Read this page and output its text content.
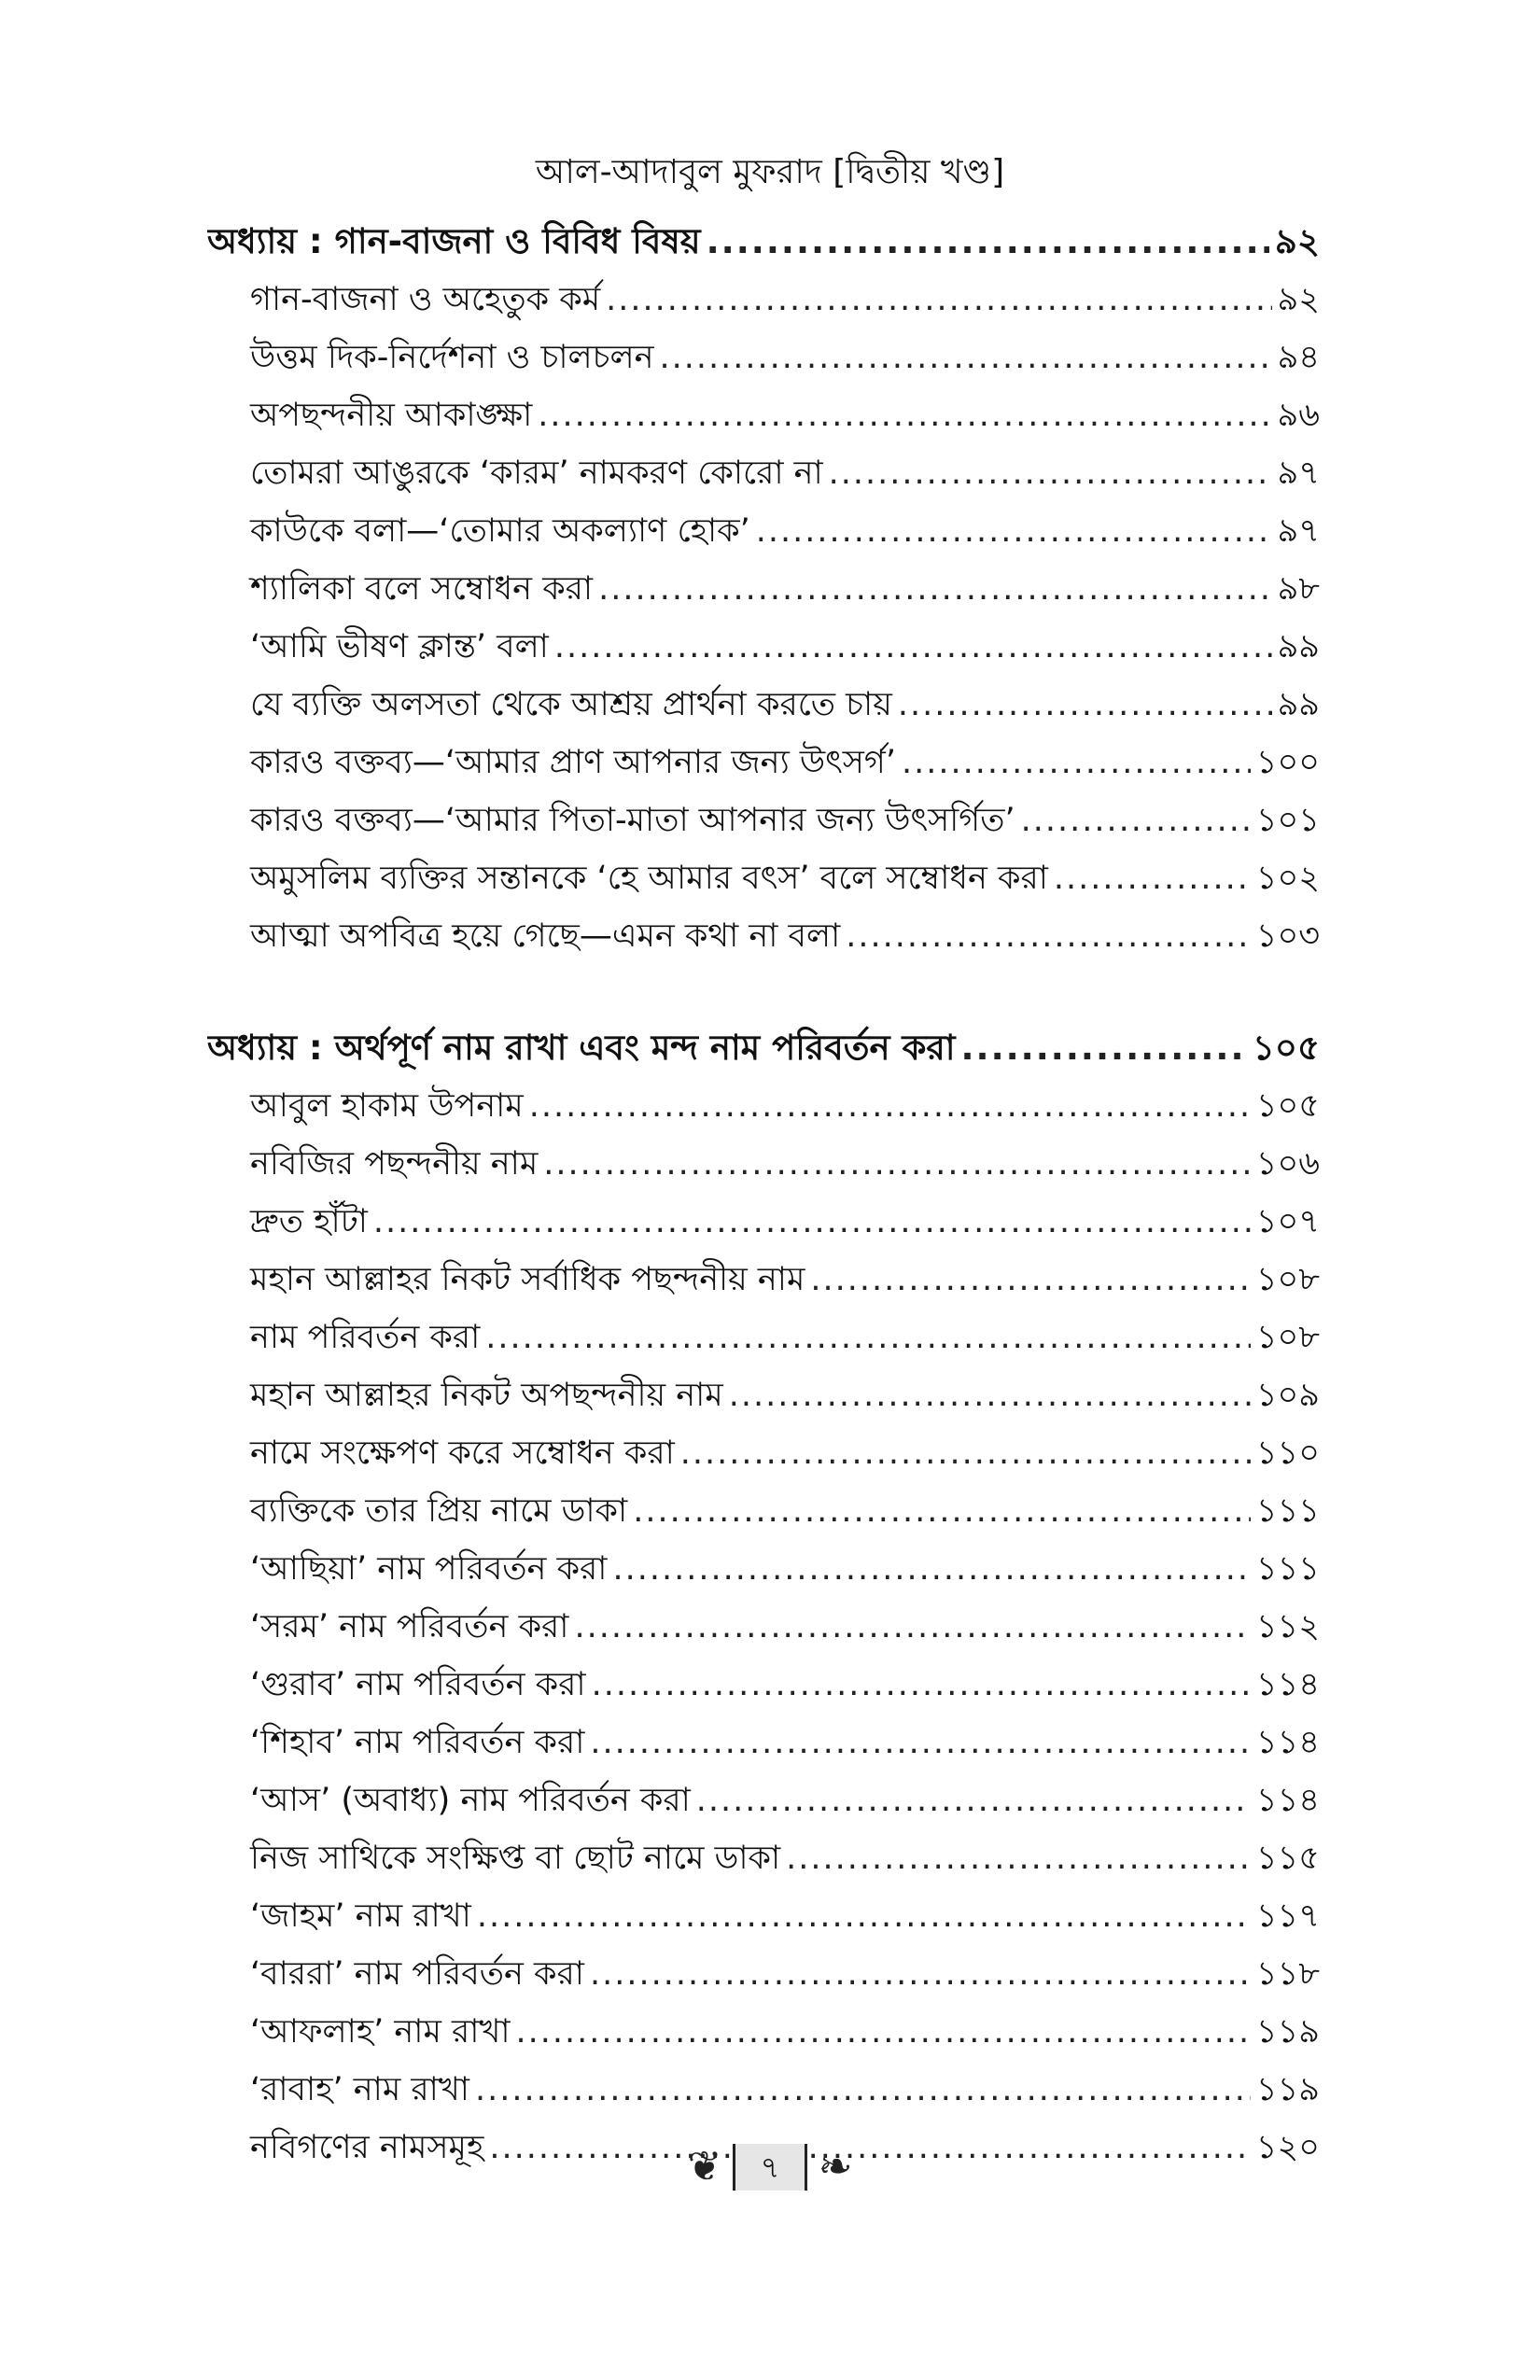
আল-আদাবুল মুফরাদ [দ্বিতীয় খণ্ড]
অধ্যায় : গান-বাজনা ও বিবিধ বিষয় .....	৯২
গান-বাজনা ও অহেতুক কর্ম .....	৯২
উত্তম দিক-নির্দেশনা ও চালচলন .....	৯৪
অপছন্দনীয় আকাঙ্ক্ষা .....	৯৬
তোমরা আঙুরকে ‘কারম’ নামকরণ কোরো না .....	৯৭
কাউকে বলা—‘তোমার অকল্যাণ হোক’ .....	৯৭
শ্যালিকা বলে সম্বোধন করা .....	৯৮
‘আমি ভীষণ ক্লান্ত’ বলা .....	৯৯
যে ব্যক্তি অলসতা থেকে আশ্রয় প্রার্থনা করতে চায় .....	৯৯
কারও বক্তব্য—‘আমার প্রাণ আপনার জন্য উৎসর্গ’ .....	১০০
কারও বক্তব্য—‘আমার পিতা-মাতা আপনার জন্য উৎসর্গিত’ .....	১০১
অমুসলিম ব্যক্তির সন্তানকে ‘হে আমার বৎস’ বলে সম্বোধন করা .....	১০২
আত্মা অপবিত্র হয়ে গেছে—এমন কথা না বলা .....	১০৩
অধ্যায় : অর্থপূর্ণ নাম রাখা এবং মন্দ নাম পরিবর্তন করা .....	১০৫
আবুল হাকাম উপনাম .....	১০৫
নবিজির পছন্দনীয় নাম .....	১০৬
দ্রুত হাঁটা .....	১০৭
মহান আল্লাহর নিকট সর্বাধিক পছন্দনীয় নাম .....	১০৮
নাম পরিবর্তন করা .....	১০৮
মহান আল্লাহর নিকট অপছন্দনীয় নাম .....	১০৯
নামে সংক্ষেপণ করে সম্বোধন করা .....	১১০
ব্যক্তিকে তার প্রিয় নামে ডাকা .....	১১১
‘আছিয়া’ নাম পরিবর্তন করা .....	১১১
‘সরম’ নাম পরিবর্তন করা .....	১১২
‘গুরাব’ নাম পরিবর্তন করা .....	১১৪
‘শিহাব’ নাম পরিবর্তন করা .....	১১৪
‘আস’ (অবাধ্য) নাম পরিবর্তন করা .....	১১৪
নিজ সাথিকে সংক্ষিপ্ত বা ছোট নামে ডাকা .....	১১৫
‘জাহম’ নাম রাখা .....	১১৭
‘বাররা’ নাম পরিবর্তন করা .....	১১৮
‘আফলাহ’ নাম রাখা .....	১১৯
‘রাবাহ’ নাম রাখা .....	১১৯
নবিগণের নামসমূহ .....	১২০
❦	৭ ❧
